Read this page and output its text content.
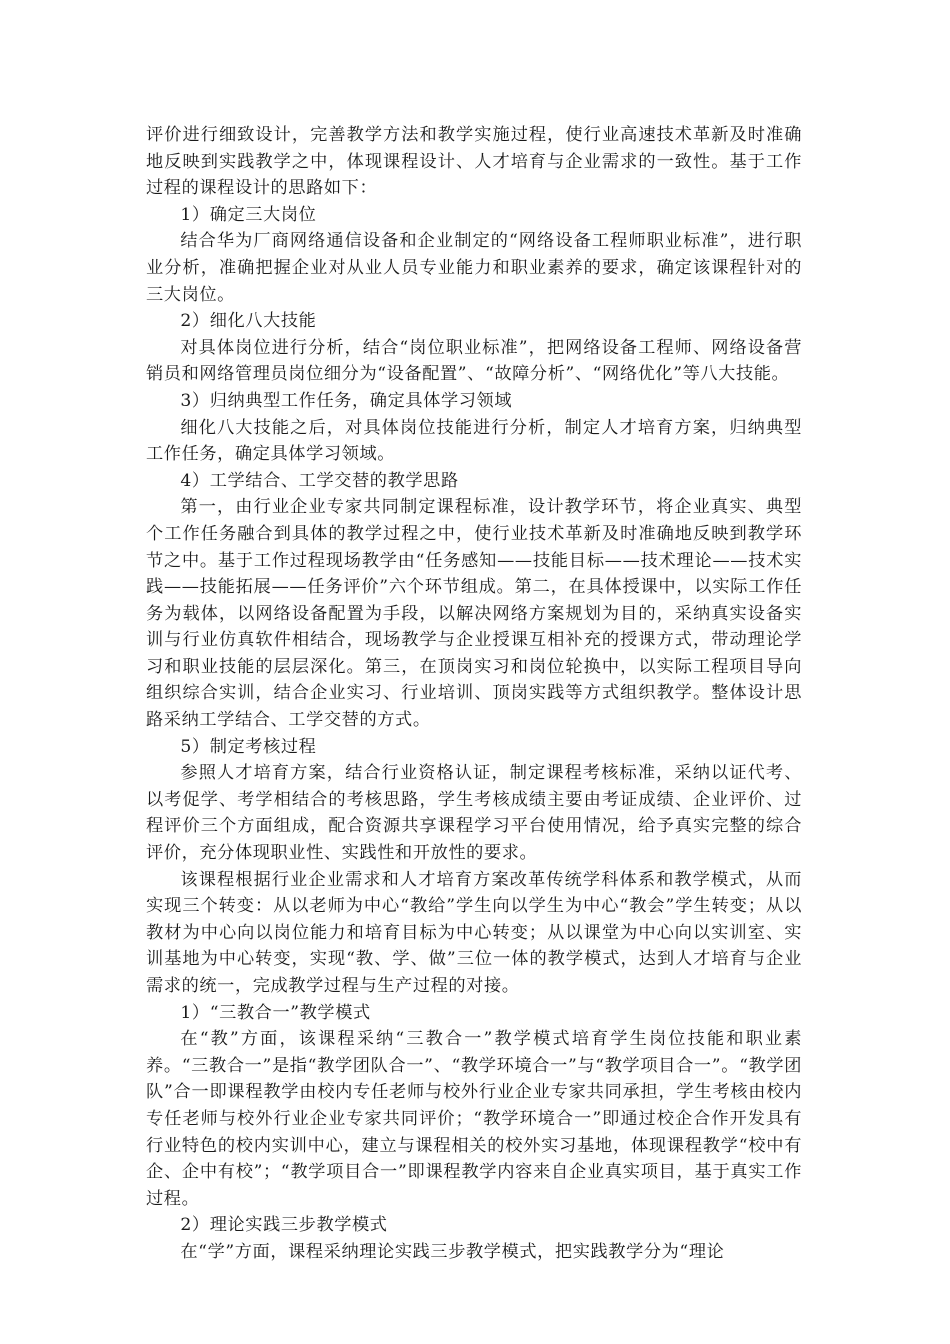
评价进行细致设计，完善教学方法和教学实施过程，使行业高速技术革新及时准确地反映到实践教学之中，体现课程设计、人才培育与企业需求的一致性。基于工作过程的课程设计的思路如下：

1）确定三大岗位

结合华为厂商网络通信设备和企业制定的“网络设备工程师职业标准”，进行职业分析，准确把握企业对从业人员专业能力和职业素养的要求，确定该课程针对的三大岗位。

2）细化八大技能

对具体岗位进行分析，结合“岗位职业标准”，把网络设备工程师、网络设备营销员和网络管理员岗位细分为“设备配置”、“故障分析”、“网络优化”等八大技能。

3）归纳典型工作任务，确定具体学习领域

细化八大技能之后，对具体岗位技能进行分析，制定人才培育方案，归纳典型工作任务，确定具体学习领域。

4）工学结合、工学交替的教学思路

第一，由行业企业专家共同制定课程标准，设计教学环节，将企业真实、典型个工作任务融合到具体的教学过程之中，使行业技术革新及时准确地反映到教学环节之中。基于工作过程现场教学由“任务感知——技能目标——技术理论——技术实践——技能拓展——任务评价”六个环节组成。第二，在具体授课中，以实际工作任务为载体，以网络设备配置为手段，以解决网络方案规划为目的，采纳真实设备实训与行业仿真软件相结合，现场教学与企业授课互相补充的授课方式，带动理论学习和职业技能的层层深化。第三，在顶岗实习和岗位轮换中，以实际工程项目导向组织综合实训，结合企业实习、行业培训、顶岗实践等方式组织教学。整体设计思路采纳工学结合、工学交替的方式。

5）制定考核过程

参照人才培育方案，结合行业资格认证，制定课程考核标准，采纳以证代考、以考促学、考学相结合的考核思路，学生考核成绩主要由考证成绩、企业评价、过程评价三个方面组成，配合资源共享课程学习平台使用情况，给予真实完整的综合评价，充分体现职业性、实践性和开放性的要求。

该课程根据行业企业需求和人才培育方案改革传统学科体系和教学模式，从而实现三个转变：从以老师为中心“教给”学生向以学生为中心“教会”学生转变；从以教材为中心向以岗位能力和培育目标为中心转变；从以课堂为中心向以实训室、实训基地为中心转变，实现“教、学、做”三位一体的教学模式，达到人才培育与企业需求的统一，完成教学过程与生产过程的对接。

1）“三教合一”教学模式

在“教”方面，该课程采纳“三教合一”教学模式培育学生岗位技能和职业素养。“三教合一”是指“教学团队合一”、“教学环境合一”与“教学项目合一”。“教学团队”合一即课程教学由校内专任老师与校外行业企业专家共同承担，学生考核由校内专任老师与校外行业企业专家共同评价；“教学环境合一”即通过校企合作开发具有行业特色的校内实训中心，建立与课程相关的校外实习基地，体现课程教学“校中有企、企中有校”；“教学项目合一”即课程教学内容来自企业真实项目，基于真实工作过程。

2）理论实践三步教学模式

在“学”方面，课程采纳理论实践三步教学模式，把实践教学分为“理论
